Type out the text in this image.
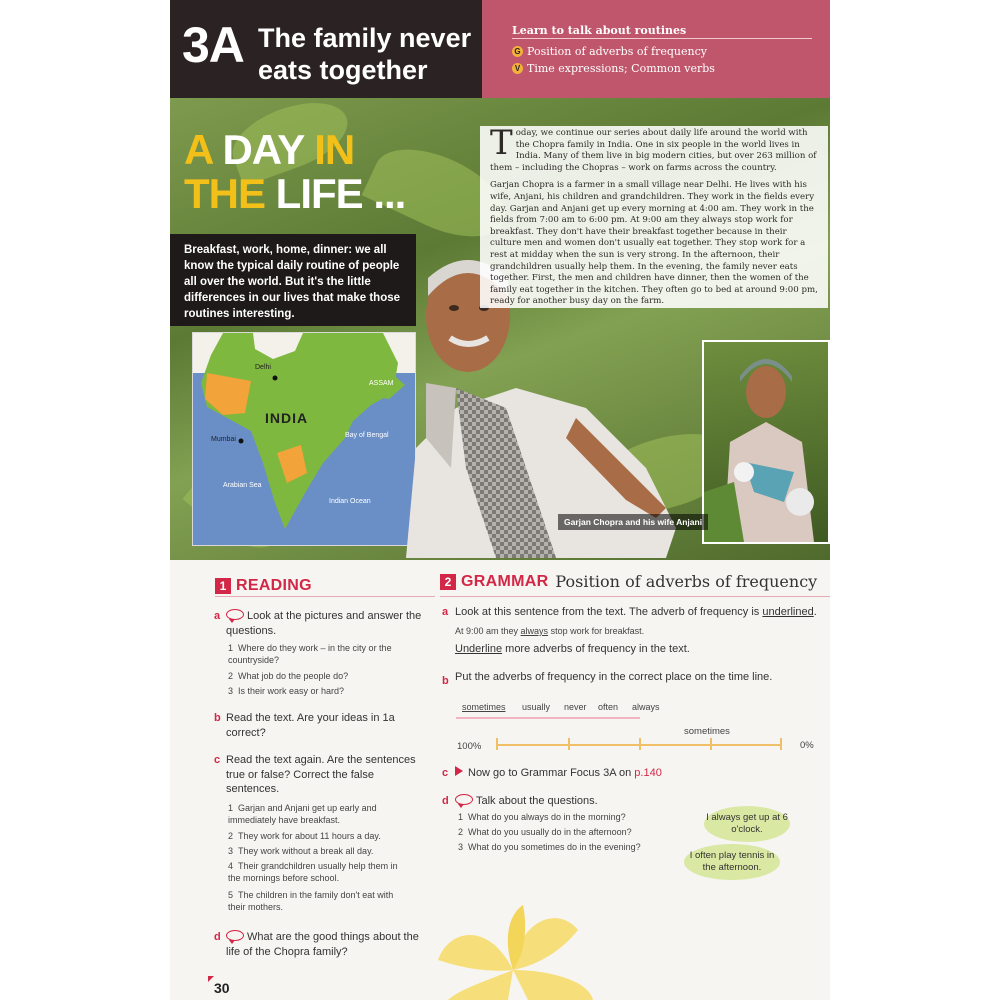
3A The family never eats together
Learn to talk about routines
G Position of adverbs of frequency
V Time expressions; Common verbs
A DAY IN
THE LIFE ...
Breakfast, work, home, dinner: we all know the typical daily routine of people all over the world. But it's the little differences in our lives that make those routines interesting.
Delhi
ASSAM
Mumbai
Bay of Bengal
Arabian Sea
Indian Ocean
INDIA

Today, we continue our series about daily life around the world with the Chopra family in India. One in six people in the world lives in India. Many of them live in big modern cities, but over 263 million of them – including the Chopras – work on farms across the country.

Garjan Chopra is a farmer in a small village near Delhi. He lives with his wife, Anjani, his children and grandchildren. They work in the fields every day. Garjan and Anjani get up every morning at 4:00 am. They work in the fields from 7:00 am to 6:00 pm. At 9:00 am they always stop work for breakfast. They don't have their breakfast together because in their culture men and women don't usually eat together. They stop work for a rest at midday when the sun is very strong. In the afternoon, their grandchildren usually help them. In the evening, the family never eats together. First, the men and children have dinner, then the women of the family eat together in the kitchen. They often go to bed at around 9:00 pm, ready for another busy day on the farm.

Garjan Chopra and his wife Anjani
1 READING
a	Look at the pictures and answer the questions.
1 Where do they work – in the city or the countryside?
2 What job do the people do?
3 Is their work easy or hard?
b Read the text. Are your ideas in 1a correct?
c Read the text again. Are the sentences true or false? Correct the false sentences.
1 Garjan and Anjani get up early and immediately have breakfast.
2 They work for about 11 hours a day.
3 They work without a break all day.
4 Their grandchildren usually help them in the mornings before school.
5 The children in the family don't eat with their mothers.
d	What are the good things about the life of the Chopra family?
2 GRAMMAR Position of adverbs of frequency
a Look at this sentence from the text. The adverb of frequency is underlined.
At 9:00 am they always stop work for breakfast.
Underline more adverbs of frequency in the text.
b Put the adverbs of frequency in the correct place on the time line.
sometimes usually never often always
100%
sometimes
0%
c	Now go to Grammar Focus 3A on p.140
d	Talk about the questions.
1 What do you always do in the morning?
2 What do you usually do in the afternoon?
3 What do you sometimes do in the evening?
I always get up at 6 o'clock.
I often play tennis in the afternoon.
30
